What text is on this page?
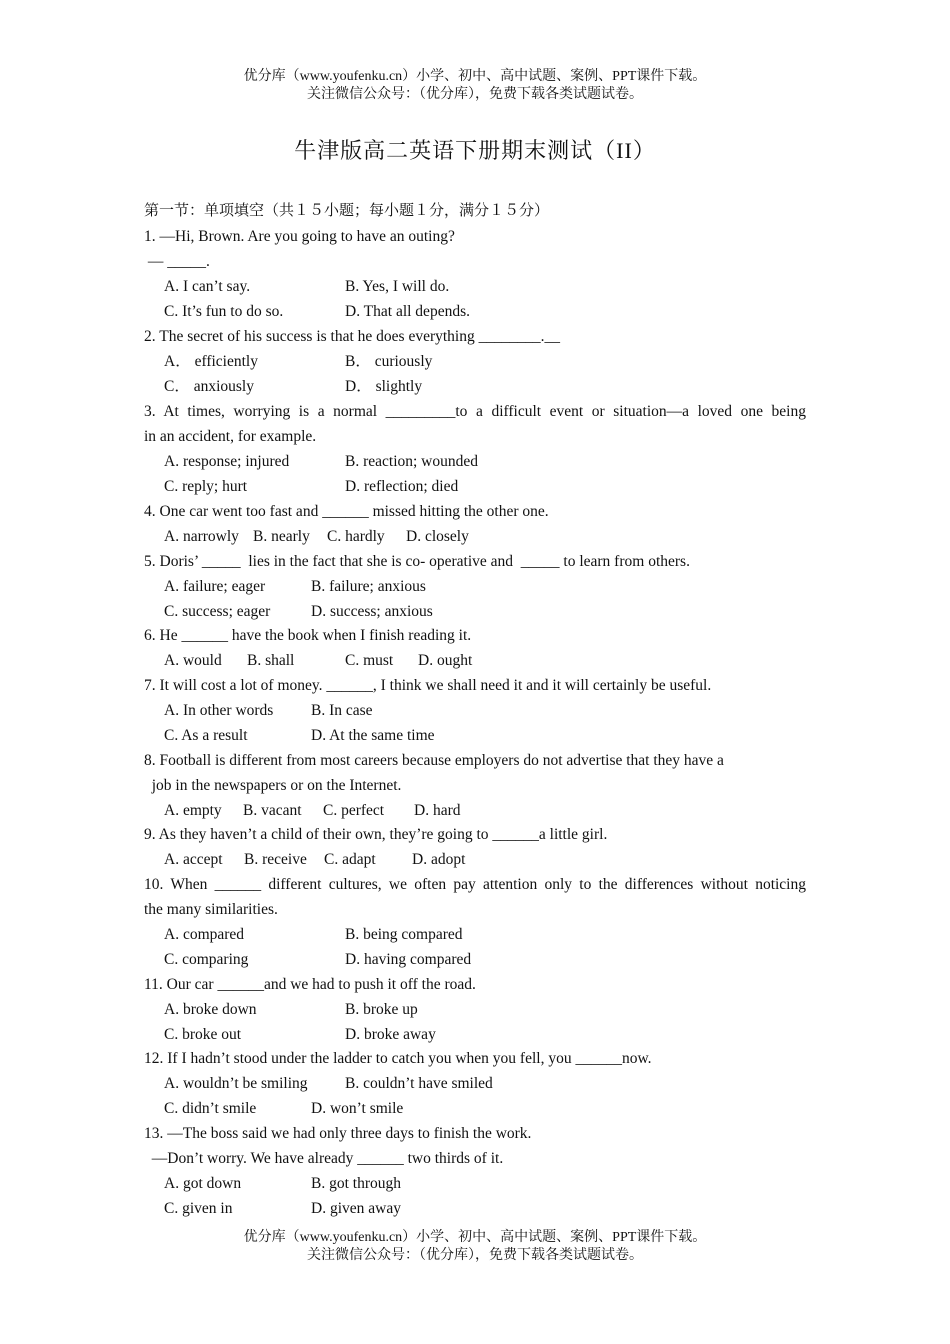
优分库（www.youfenku.cn）小学、初中、高中试题、案例、PPT课件下载。
关注微信公众号：（优分库），免费下载各类试题试卷。
牛津版高二英语下册期末测试（II）
第一节：单项填空（共１５小题；每小题１分，满分１５分）
1. —Hi, Brown. Are you going to have an outing?
— _____.
A. I can’t say.	B. Yes, I will do.
C. It’s fun to do so.	D. That all depends.
2. The secret of his success is that he does everything ________.__
A． efficiently	B． curiously
C． anxiously	D． slightly
3. At times, worrying is a normal _________to a difficult event or situation—a loved one being
in an accident, for example.
A. response; injured	B. reaction; wounded
C. reply; hurt	D. reflection; died
4. One car went too fast and ______ missed hitting the other one.
A. narrowly B. nearly C. hardly D. closely
5. Doris’ _____  lies in the fact that she is co- operative and  _____ to learn from others.
A. failure; eager	B. failure; anxious
C. success; eager	D. success; anxious
6. He ______ have the book when I finish reading it.
A. would B. shall	C. must D. ought
7. It will cost a lot of money. ______, I think we shall need it and it will certainly be useful.
A. In other words B. In case
C. As a result	D. At the same time
8. Football is different from most careers because employers do not advertise that they have a
job in the newspapers or on the Internet.
A. empty B. vacant C. perfect D. hard
9. As they haven’t a child of their own, they’re going to ______a little girl.
A. accept B. receive C. adapt D. adopt
10. When ______ different cultures, we often pay attention only to the differences without noticing
the many similarities.
A. compared	B. being compared
C. comparing	D. having compared
11. Our car ______and we had to push it off the road.
A. broke down	B. broke up
C. broke out	D. broke away
12. If I hadn’t stood under the ladder to catch you when you fell, you ______now.
A. wouldn’t be smiling B. couldn’t have smiled
C. didn’t smile	D. won’t smile
13. —The boss said we had only three days to finish the work.
—Don’t worry. We have already ______ two thirds of it.
A. got down	B. got through
C. given in	D. given away
优分库（www.youfenku.cn）小学、初中、高中试题、案例、PPT课件下载。
关注微信公众号：（优分库），免费下载各类试题试卷。
